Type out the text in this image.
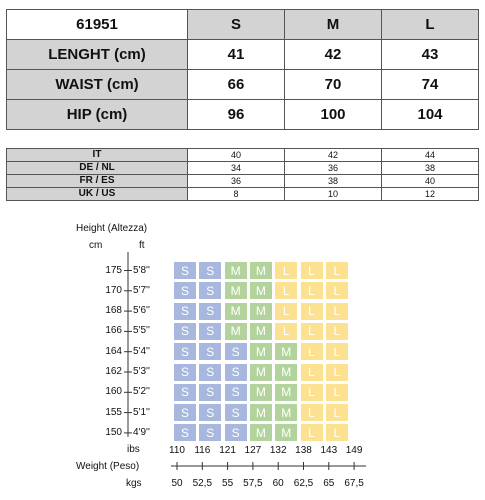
61951	S	M	L
LENGHT (cm)	41	42	43
WAIST (cm)	66	70	74
HIP (cm)	96	100	104
IT	40	42	44
DE / NL	34	36	38
FR / ES	36	38	40
UK / US	8	10	12
Height (Altezza)
cm	ft
ibs
Weight (Peso)
kgs
175 5'8''	S	S	M	M	L	L	L
170 5'7''	S	S	M	M	L	L	L
168 5'6''	S	S	M	M	L	L	L
166 5'5''	S	S	M	M	L	L	L
164 5'4''	S	S	S	M	M	L	L
162 5'3''	S	S	S	M	M	L	L
160 5'2''	S	S	S	M	M	L	L
155 5'1''	S	S	S	M	M	L	L
150 4'9''	S	S	S	M	M	L	L
110 116 121 127 132 138 143 149
50	52,5	55	57,5	60	62,5	65	67,5
